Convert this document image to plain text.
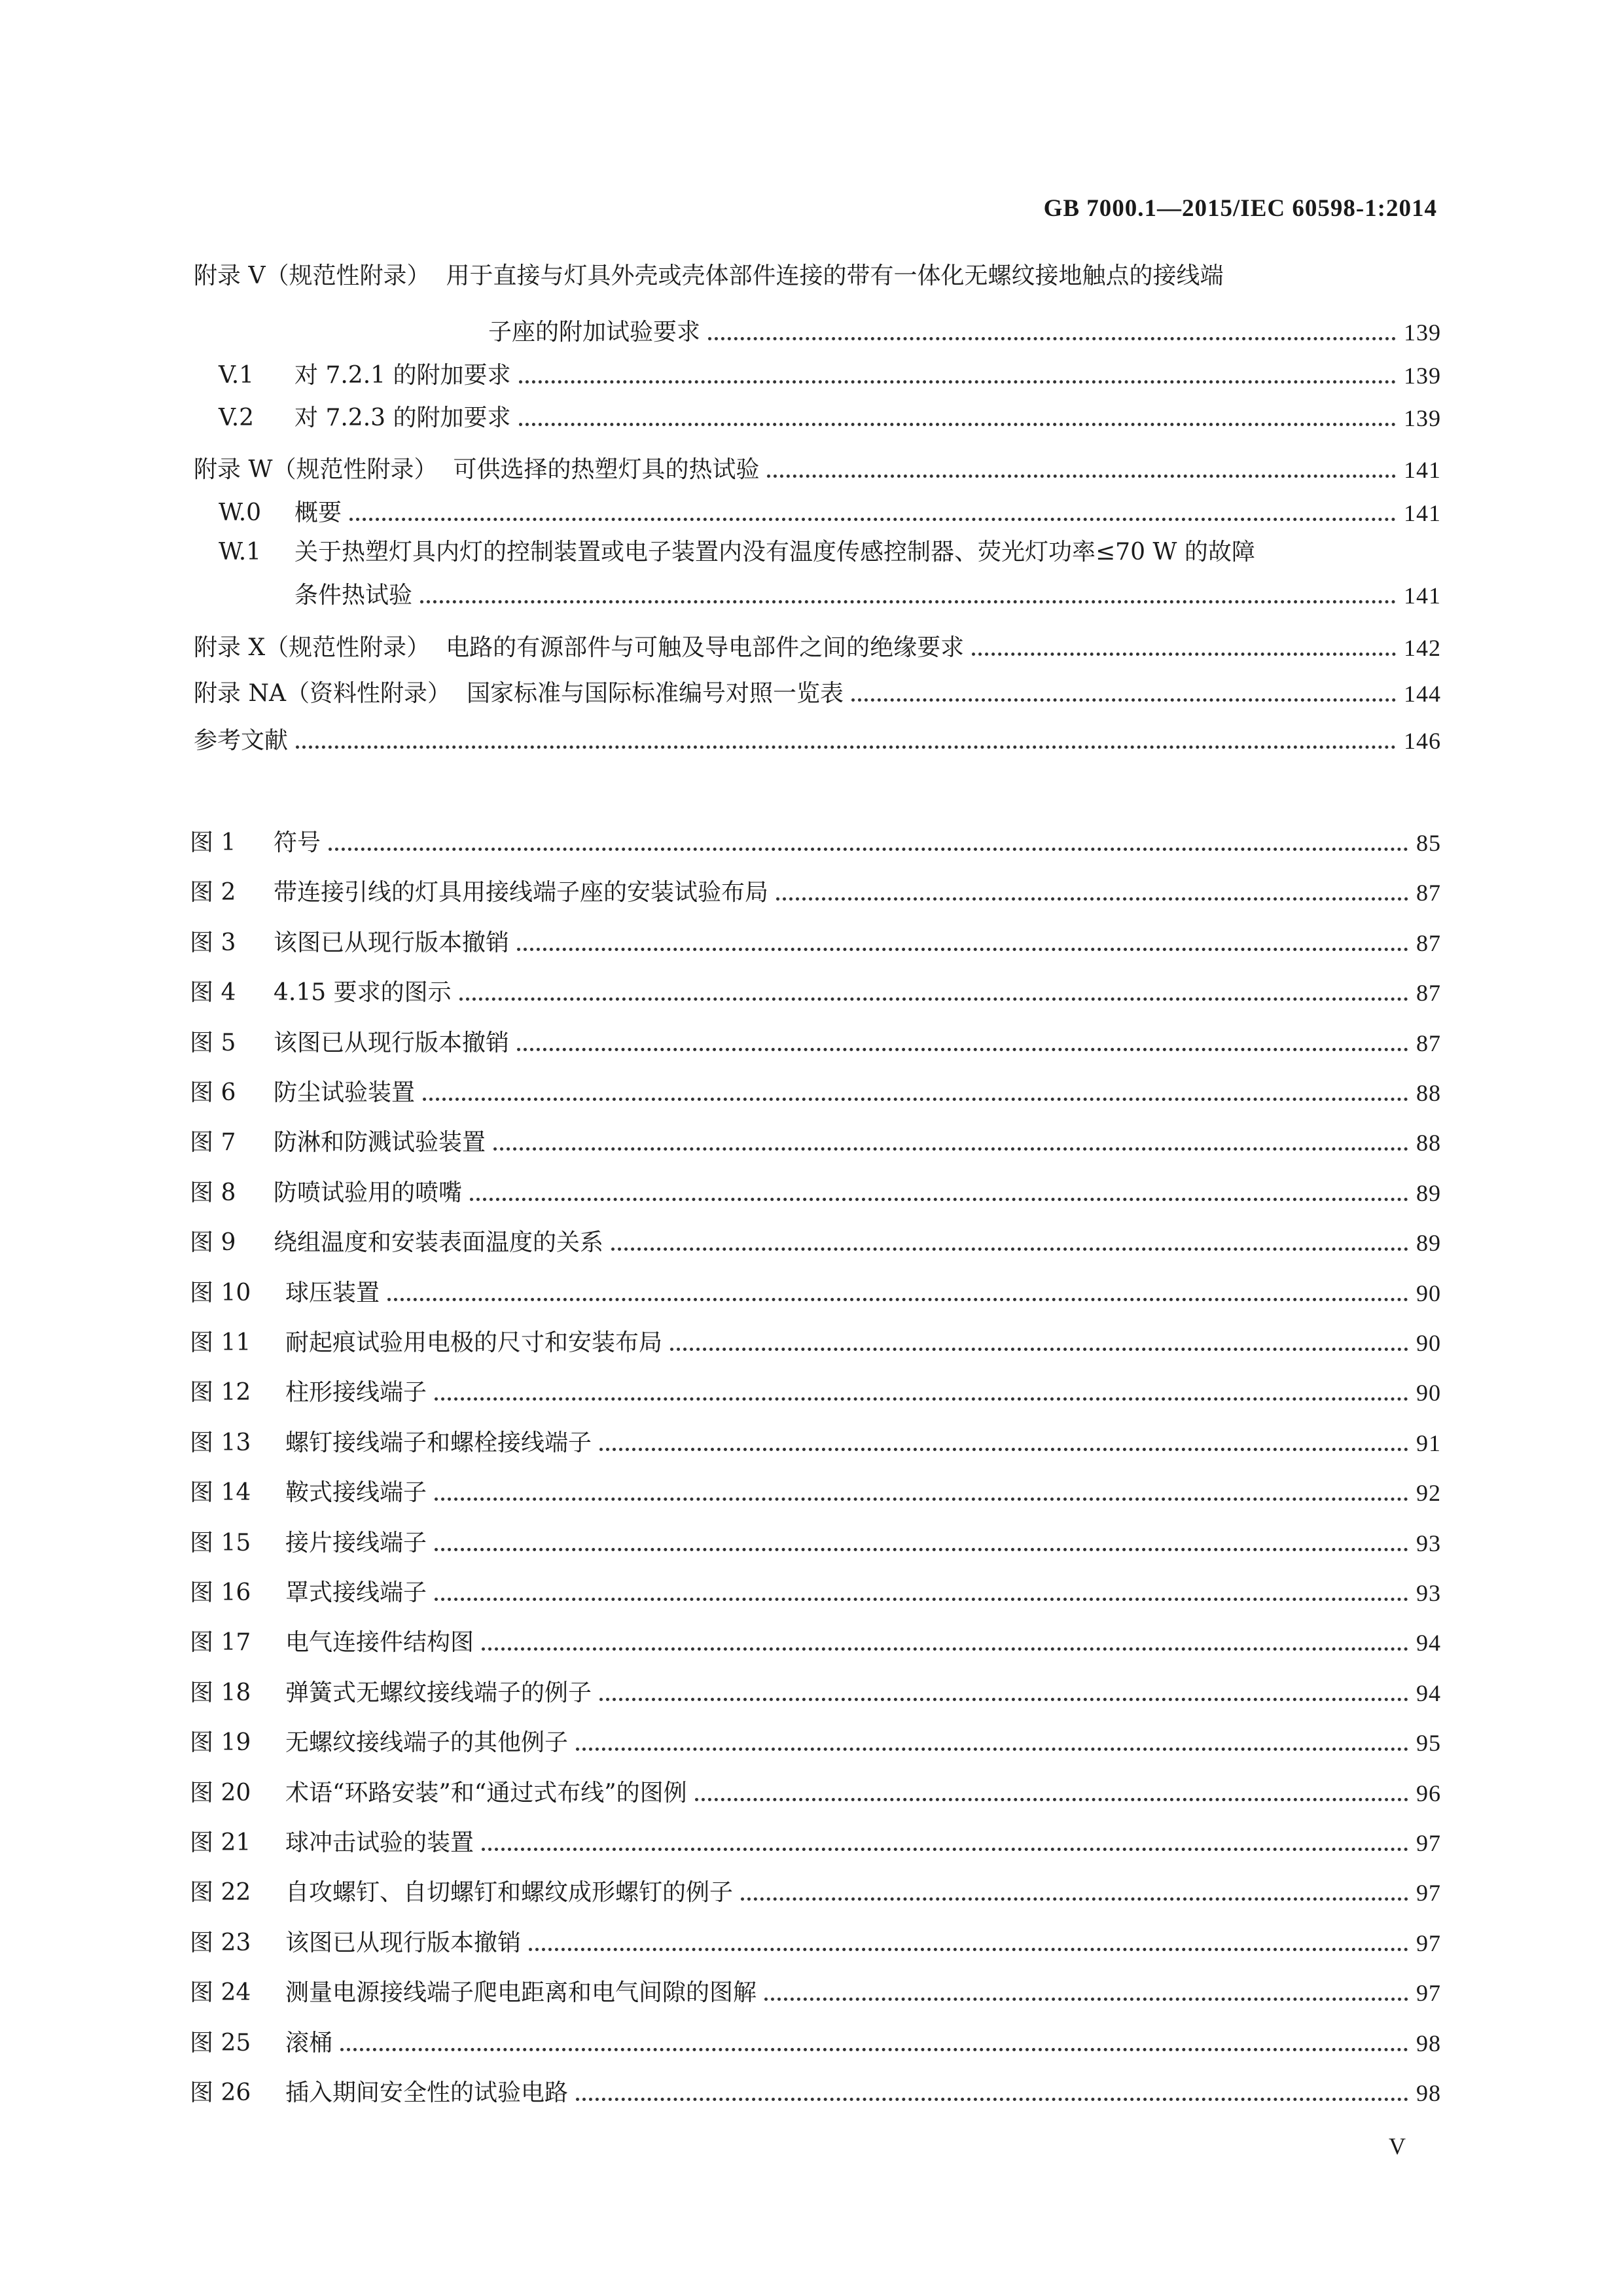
GB 7000.1—2015/IEC 60598-1:2014
附录 V（规范性附录） 用于直接与灯具外壳或壳体部件连接的带有一体化无螺纹接地触点的接线端
子座的附加试验要求	139
V.1	对 7.2.1 的附加要求	139
V.2	对 7.2.3 的附加要求	139
附录 W（规范性附录） 可供选择的热塑灯具的热试验	141
W.0	概要	141
W.1 关于热塑灯具内灯的控制装置或电子装置内没有温度传感控制器、荧光灯功率≤70 W 的故障
条件热试验	141
附录 X（规范性附录） 电路的有源部件与可触及导电部件之间的绝缘要求	142
附录 NA（资料性附录） 国家标准与国际标准编号对照一览表	144
参考文献	146
图 1	符号	85
图 2	带连接引线的灯具用接线端子座的安装试验布局	87
图 3	该图已从现行版本撤销	87
图 4	4.15 要求的图示	87
图 5	该图已从现行版本撤销	87
图 6	防尘试验装置	88
图 7	防淋和防溅试验装置	88
图 8	防喷试验用的喷嘴	89
图 9	绕组温度和安装表面温度的关系	89
图 10	球压装置	90
图 11	耐起痕试验用电极的尺寸和安装布局	90
图 12	柱形接线端子	90
图 13	螺钉接线端子和螺栓接线端子	91
图 14	鞍式接线端子	92
图 15	接片接线端子	93
图 16	罩式接线端子	93
图 17	电气连接件结构图	94
图 18	弹簧式无螺纹接线端子的例子	94
图 19	无螺纹接线端子的其他例子	95
图 20	术语“环路安装”和“通过式布线”的图例	96
图 21	球冲击试验的装置	97
图 22	自攻螺钉、自切螺钉和螺纹成形螺钉的例子	97
图 23	该图已从现行版本撤销	97
图 24	测量电源接线端子爬电距离和电气间隙的图解	97
图 25	滚桶	98
图 26	插入期间安全性的试验电路	98
V
